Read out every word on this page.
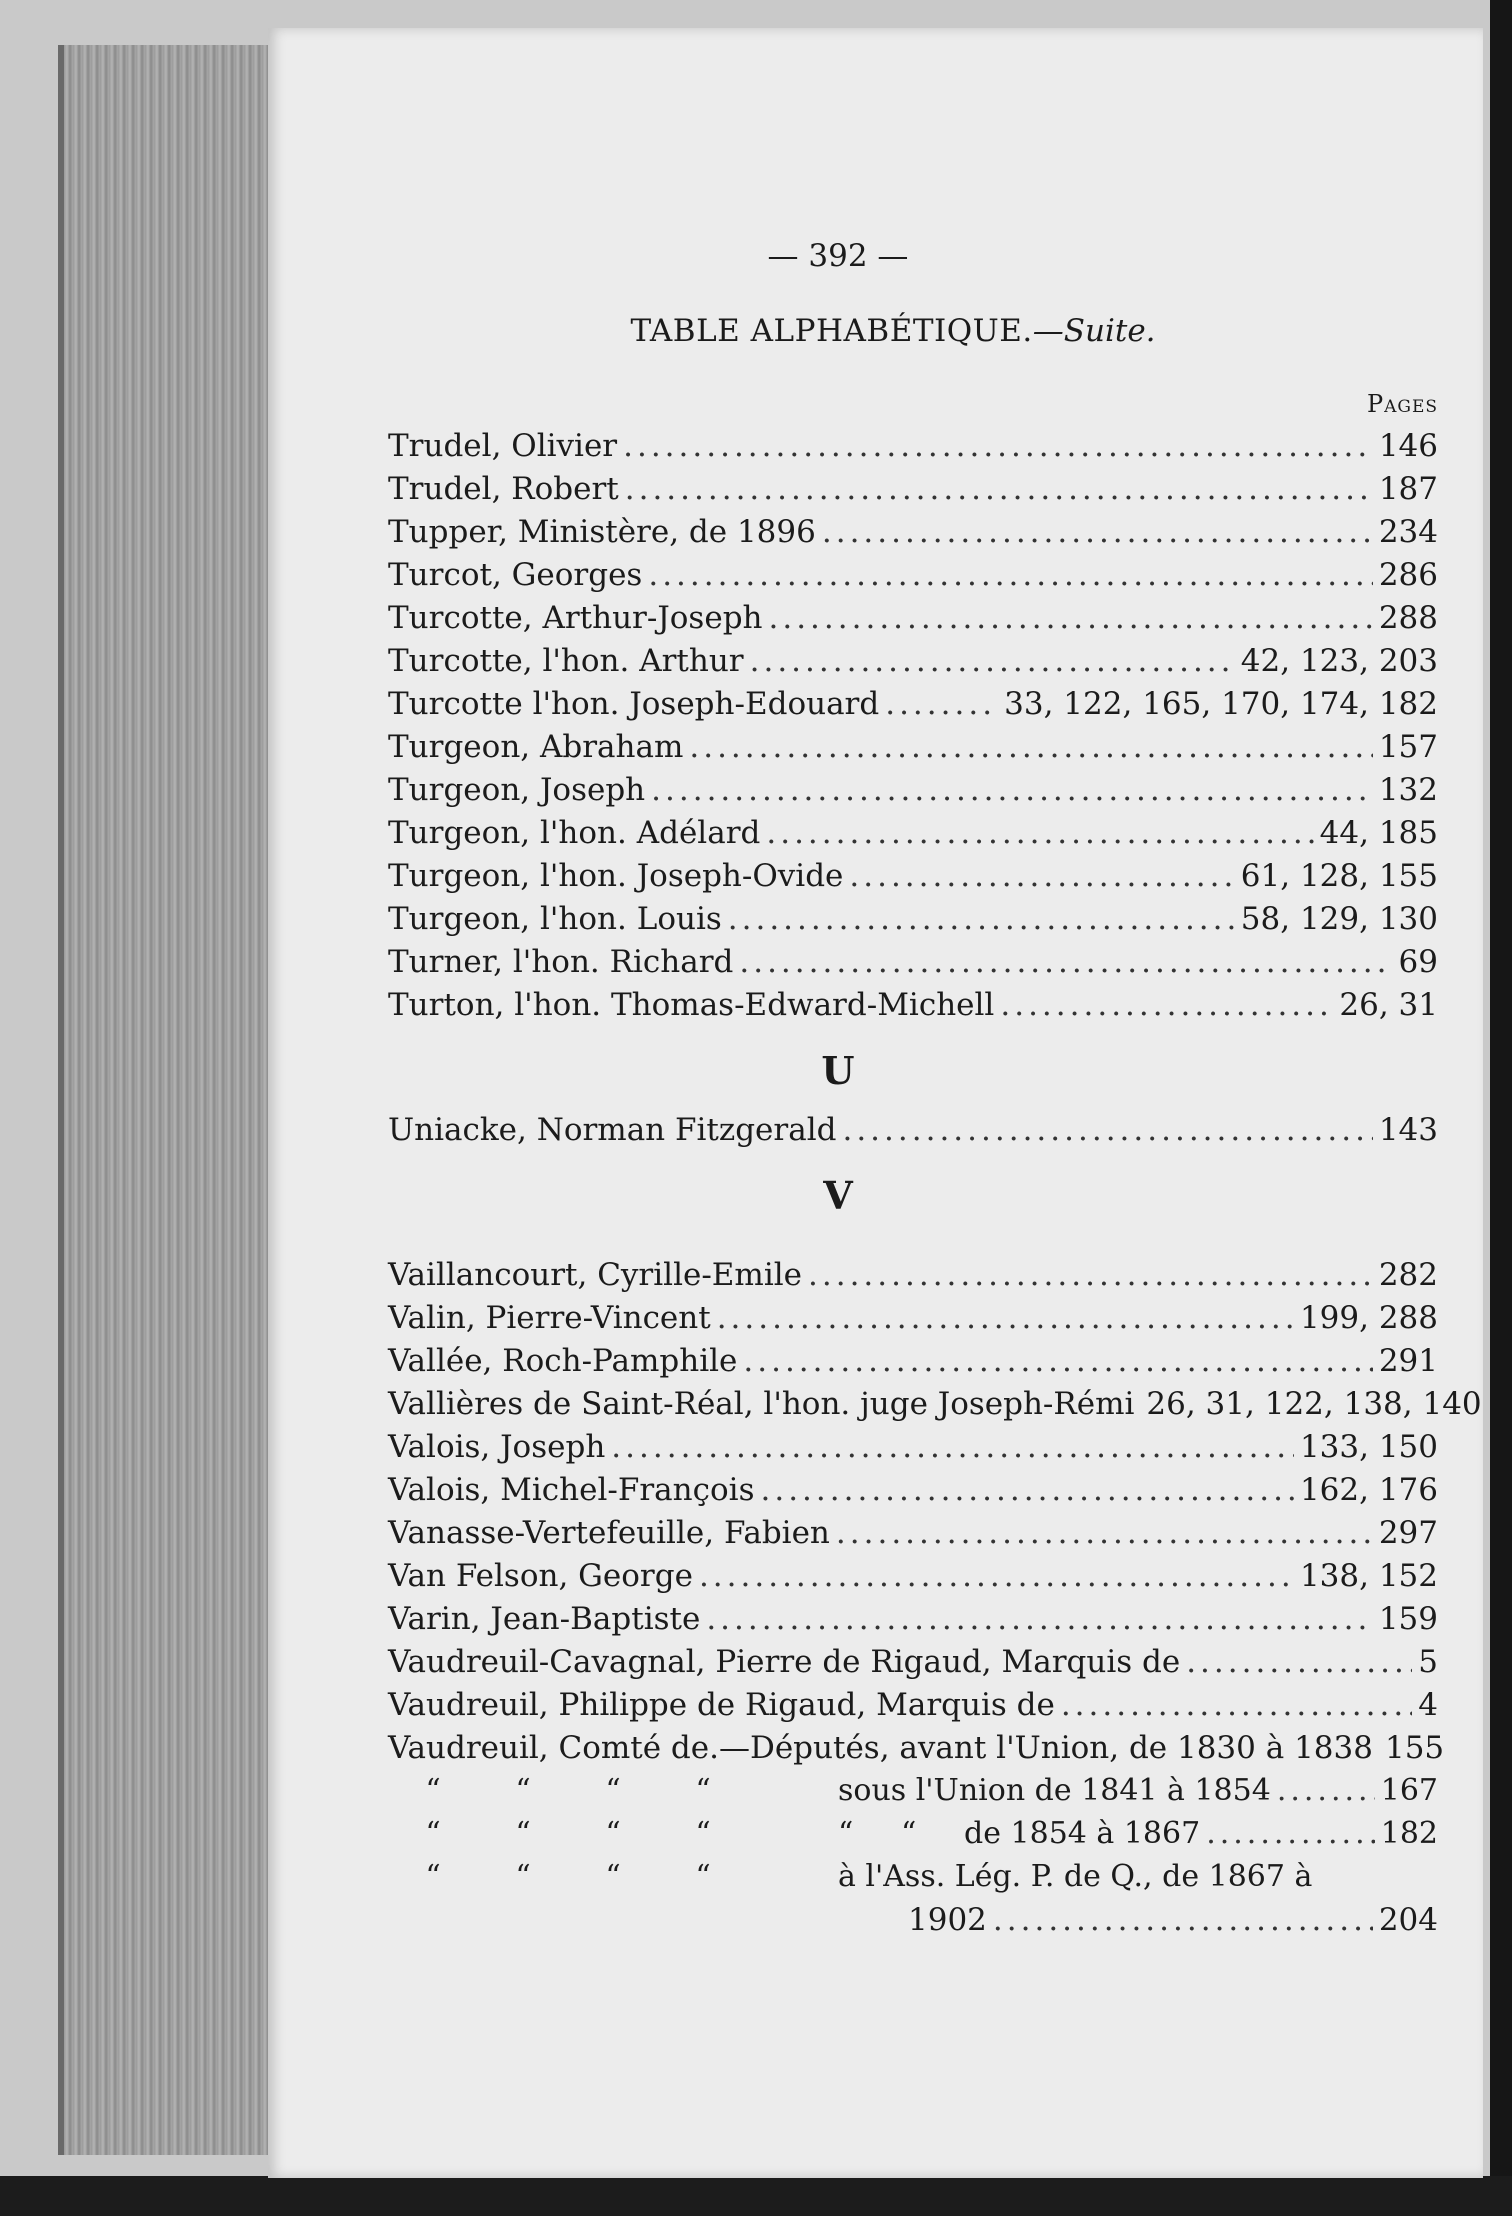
— 392 —
TABLE ALPHABÉTIQUE.—Suite.
Pages
Trudel, Olivier .....	146
Trudel, Robert .....	187
Tupper, Ministère, de 1896 .....	234
Turcot, Georges .....	286
Turcotte, Arthur-Joseph .....	288
Turcotte, l'hon. Arthur .....	42, 123, 203
Turcotte l'hon. Joseph-Edouard .....	33, 122, 165, 170, 174, 182
Turgeon, Abraham .....	157
Turgeon, Joseph .....	132
Turgeon, l'hon. Adélard .....	44, 185
Turgeon, l'hon. Joseph-Ovide .....	61, 128, 155
Turgeon, l'hon. Louis .....	58, 129, 130
Turner, l'hon. Richard .....	69
Turton, l'hon. Thomas-Edward-Michell .....	26, 31
U
Uniacke, Norman Fitzgerald .....	143
V
Vaillancourt, Cyrille-Emile .....	282
Valin, Pierre-Vincent .....	199, 288
Vallée, Roch-Pamphile .....	291
Vallières de Saint-Réal, l'hon. juge Joseph-Rémi 26, 31, 122, 138, 140
Valois, Joseph .....	133, 150
Valois, Michel-François .....	162, 176
Vanasse-Vertefeuille, Fabien .....	297
Van Felson, George .....	138, 152
Varin, Jean-Baptiste .....	159
Vaudreuil-Cavagnal, Pierre de Rigaud, Marquis de .....	5
Vaudreuil, Philippe de Rigaud, Marquis de .....	4
Vaudreuil, Comté de.—Députés, avant l'Union, de 1830 à 1838 155
“ “ “ “	sous l'Union de 1841 à 1854 .....	167
“ “ “ “	“     “     de 1854 à 1867 .....	182
“ “ “ “	à l'Ass. Lég. P. de Q., de 1867 à
1902 .....	204
